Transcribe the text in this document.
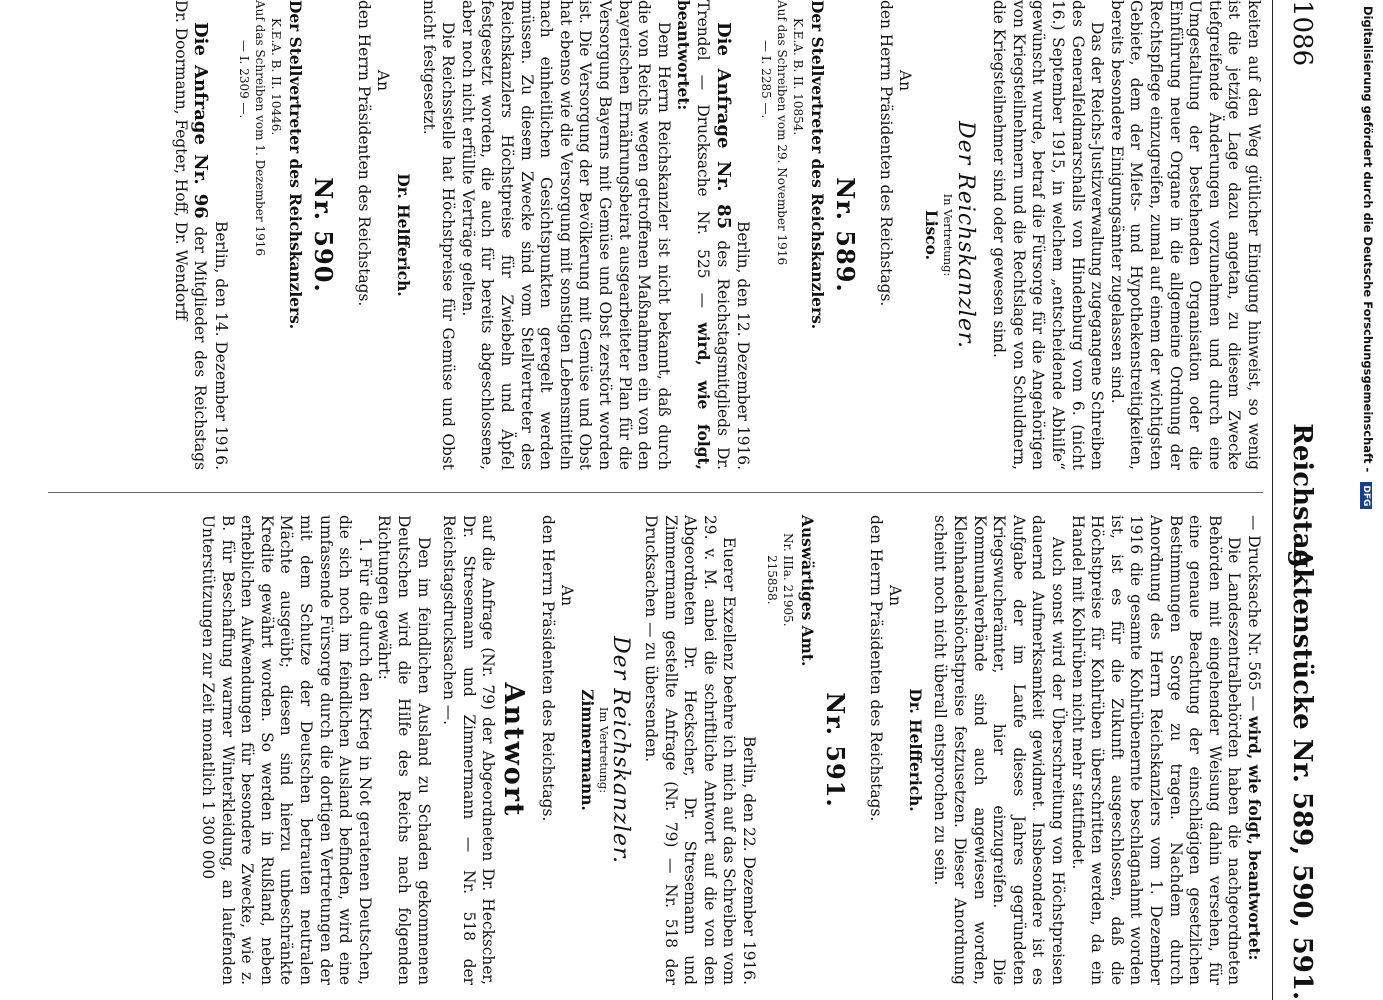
1086
Reichstag.
Aktenstücke Nr. 589, 590, 591.

keiten auf den Weg gütlicher Einigung hinweist, so wenig ist die jetzige Lage dazu angetan, zu diesem Zwecke tiefgreifende Änderungen vorzunehmen und durch eine Umgestaltung der bestehenden Organisation oder die Einführung neuer Organe in die allgemeine Ordnung der Rechtspflege einzugreifen, zumal auf einem der wichtigsten Gebiete, dem der Miets- und Hypothekenstreitigkeiten, bereits besondere Einigungsämter zugelassen sind.

Das der Reichs-Justizverwaltung zugegangene Schreiben des Generalfeldmarschalls von Hindenburg vom 6. (nicht 16.) September 1915, in welchem „entscheidende Abhilfe“ gewünscht wurde, betraf die Fürsorge für die Angehörigen von Kriegsteilnehmern und die Rechtslage von Schuldnern, die Kriegsteilnehmer sind oder gewesen sind.

Der Reichskanzler.

In Vertretung:

Lisco.

An

den Herrn Präsidenten des Reichstags.

Nr. 589.

Der Stellvertreter des Reichskanzlers.

K.E.A. B. II. 10854.

Auf das Schreiben vom 29. November 1916

— I. 2285 —.

Berlin, den 12. Dezember 1916.

Die Anfrage Nr. 85 des Reichstagsmitglieds Dr. Trendel — Drucksache Nr. 525 — wird, wie folgt, beantwortet:

Dem Herrn Reichskanzler ist nicht bekannt, daß durch die von Reichs wegen getroffenen Maßnahmen ein von den bayerischen Ernährungsbeirat ausgearbeiteter Plan für die Versorgung Bayerns mit Gemüse und Obst zerstört worden ist. Die Versorgung der Bevölkerung mit Gemüse und Obst hat ebenso wie die Versorgung mit sonstigen Lebensmitteln nach einheitlichen Gesichtspunkten geregelt werden müssen. Zu diesem Zwecke sind vom Stellvertreter des Reichskanzlers Höchstpreise für Zwiebeln und Äpfel festgesetzt worden, die auch für bereits abgeschlossene, aber noch nicht erfüllte Verträge gelten.

Die Reichsstelle hat Höchstpreise für Gemüse und Obst nicht festgesetzt.

Dr. Helfferich.

An

den Herrn Präsidenten des Reichstags.

Nr. 590.

Der Stellvertreter des Reichskanzlers.

K.E.A. B. II. 10446.

Auf das Schreiben vom 1. Dezember 1916

— I. 2309 —.

Berlin, den 14. Dezember 1916.

Die Anfrage Nr. 96 der Mitglieder des Reichstags Dr. Doormann, Fegter, Hoff, Dr. Wendorff

— Drucksache Nr. 565 — wird, wie folgt, beantwortet:

Die Landeszentralbehörden haben die nachgeordneten Behörden mit eingehender Weisung dahin versehen, für eine genaue Beachtung der einschlägigen gesetzlichen Bestimmungen Sorge zu tragen. Nachdem durch Anordnung des Herrn Reichskanzlers vom 1. Dezember 1916 die gesamte Kohlrübenernte beschlagnahmt worden ist, ist es für die Zukunft ausgeschlossen, daß die Höchstpreise für Kohlrüben überschritten werden, da ein Handel mit Kohlrüben nicht mehr stattfindet.

Auch sonst wird der Überschreitung von Höchstpreisen dauernd Aufmerksamkeit gewidmet. Insbesondere ist es Aufgabe der im Laufe dieses Jahres gegründeten Kriegswucherämter, hier einzugreifen. Die Kommunalverbände sind auch angewiesen worden, Kleinhandelshöchstpreise festzusetzen. Dieser Anordnung scheint noch nicht überall entsprochen zu sein.

Dr. Helfferich.

An

den Herrn Präsidenten des Reichstags.

Nr. 591.

Auswärtiges Amt.

Nr. IIIa. 21905.

215858.

Berlin, den 22. Dezember 1916.

Euerer Exzellenz beehre ich mich auf das Schreiben vom 29. v. M. anbei die schriftliche Antwort auf die von den Abgeordneten Dr. Heckscher, Dr. Stresemann und Zimmermann gestellte Anfrage (Nr. 79) — Nr. 518 der Drucksachen — zu übersenden.

Der Reichskanzler.

Im Vertretung:

Zimmermann.

An

den Herrn Präsidenten des Reichstags.

Antwort

auf die Anfrage (Nr. 79) der Abgeordneten Dr. Heckscher, Dr. Stresemann und Zimmermann — Nr. 518 der Reichstagsdrucksachen —.

Den im feindlichen Ausland zu Schaden gekommenen Deutschen wird die Hilfe des Reichs nach folgenden Richtungen gewährt:

1. Für die durch den Krieg in Not geratenen Deutschen, die sich noch im feindlichen Ausland befinden, wird eine umfassende Fürsorge durch die dortigen Vertretungen der mit dem Schutze der Deutschen betrauten neutralen Mächte ausgeübt; diesen sind hierzu unbeschränkte Kredite gewährt worden. So werden in Rußland, neben erheblichen Aufwendungen für besondere Zwecke, wie z. B. für Beschaffung warmer Winterkleidung, an laufenden Unterstützungen zur Zeit monatlich 1 300 000

Digitalisierung gefördert durch die Deutsche Forschungsgemeinschaft - DFG
